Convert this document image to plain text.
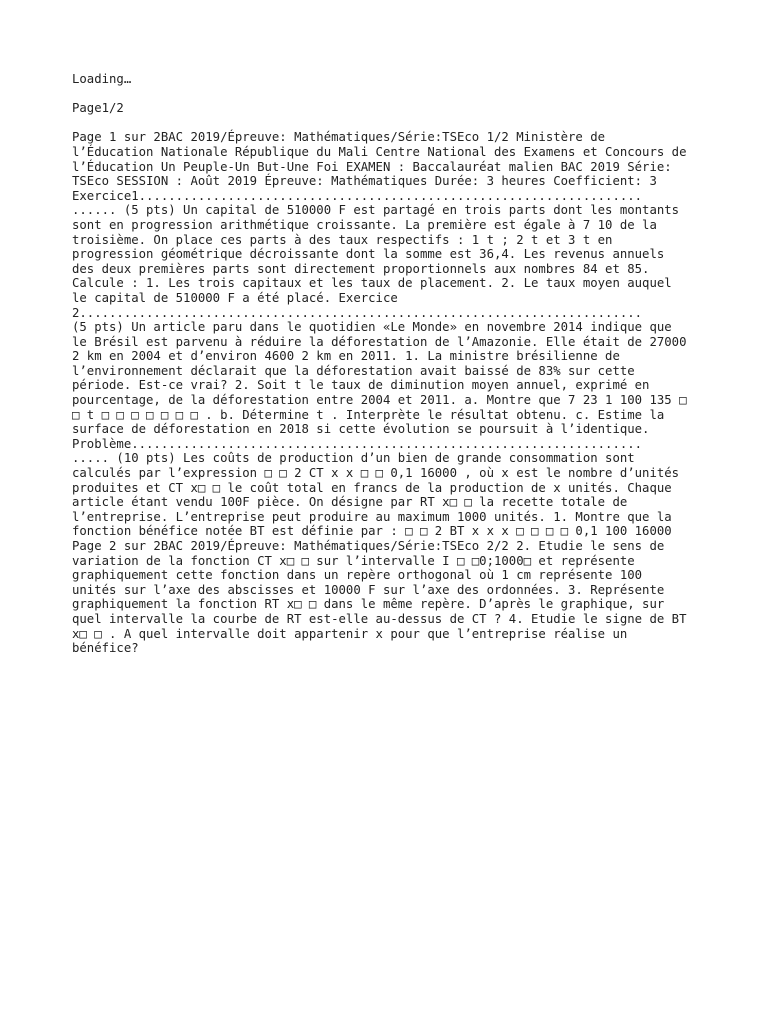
Loading…
Page1/2
Page 1 sur 2BAC 2019/Épreuve: Mathématiques/Série:TSEco 1/2 Ministère de
l’Éducation Nationale République du Mali Centre National des Examens et Concours de
l’Éducation Un Peuple-Un But-Une Foi EXAMEN : Baccalauréat malien BAC 2019 Série:
TSEco SESSION : Août 2019 Épreuve: Mathématiques Durée: 3 heures Coefficient: 3
Exercice1....................................................................
...... (5 pts) Un capital de 510000 F est partagé en trois parts dont les montants
sont en progression arithmétique croissante. La première est égale à 7 10 de la
troisième. On place ces parts à des taux respectifs : 1 t ; 2 t et 3 t en
progression géométrique décroissante dont la somme est 36,4. Les revenus annuels
des deux premières parts sont directement proportionnels aux nombres 84 et 85.
Calcule : 1. Les trois capitaux et les taux de placement. 2. Le taux moyen auquel
le capital de 510000 F a été placé. Exercice
2............................................................................
(5 pts) Un article paru dans le quotidien «Le Monde» en novembre 2014 indique que
le Brésil est parvenu à réduire la déforestation de l’Amazonie. Elle était de 27000
2 km en 2004 et d’environ 4600 2 km en 2011. 1. La ministre brésilienne de
l’environnement déclarait que la déforestation avait baissé de 83% sur cette
période. Est-ce vrai? 2. Soit t le taux de diminution moyen annuel, exprimé en
pourcentage, de la déforestation entre 2004 et 2011. a. Montre que 7 23 1 100 135 □
□ t □ □ □ □ □ □ □ . b. Détermine t . Interprète le résultat obtenu. c. Estime la
surface de déforestation en 2018 si cette évolution se poursuit à l’identique.
Problème.....................................................................
..... (10 pts) Les coûts de production d’un bien de grande consommation sont
calculés par l’expression □ □ 2 CT x x □ □ 0,1 16000 , où x est le nombre d’unités
produites et CT x□ □ le coût total en francs de la production de x unités. Chaque
article étant vendu 100F pièce. On désigne par RT x□ □ la recette totale de
l’entreprise. L’entreprise peut produire au maximum 1000 unités. 1. Montre que la
fonction bénéfice notée BT est définie par : □ □ 2 BT x x x □ □ □ □ 0,1 100 16000
Page 2 sur 2BAC 2019/Épreuve: Mathématiques/Série:TSEco 2/2 2. Etudie le sens de
variation de la fonction CT x□ □ sur l’intervalle I □ □0;1000□ et représente
graphiquement cette fonction dans un repère orthogonal où 1 cm représente 100
unités sur l’axe des abscisses et 10000 F sur l’axe des ordonnées. 3. Représente
graphiquement la fonction RT x□ □ dans le même repère. D’après le graphique, sur
quel intervalle la courbe de RT est-elle au-dessus de CT ? 4. Etudie le signe de BT
x□ □ . A quel intervalle doit appartenir x pour que l’entreprise réalise un
bénéfice?
